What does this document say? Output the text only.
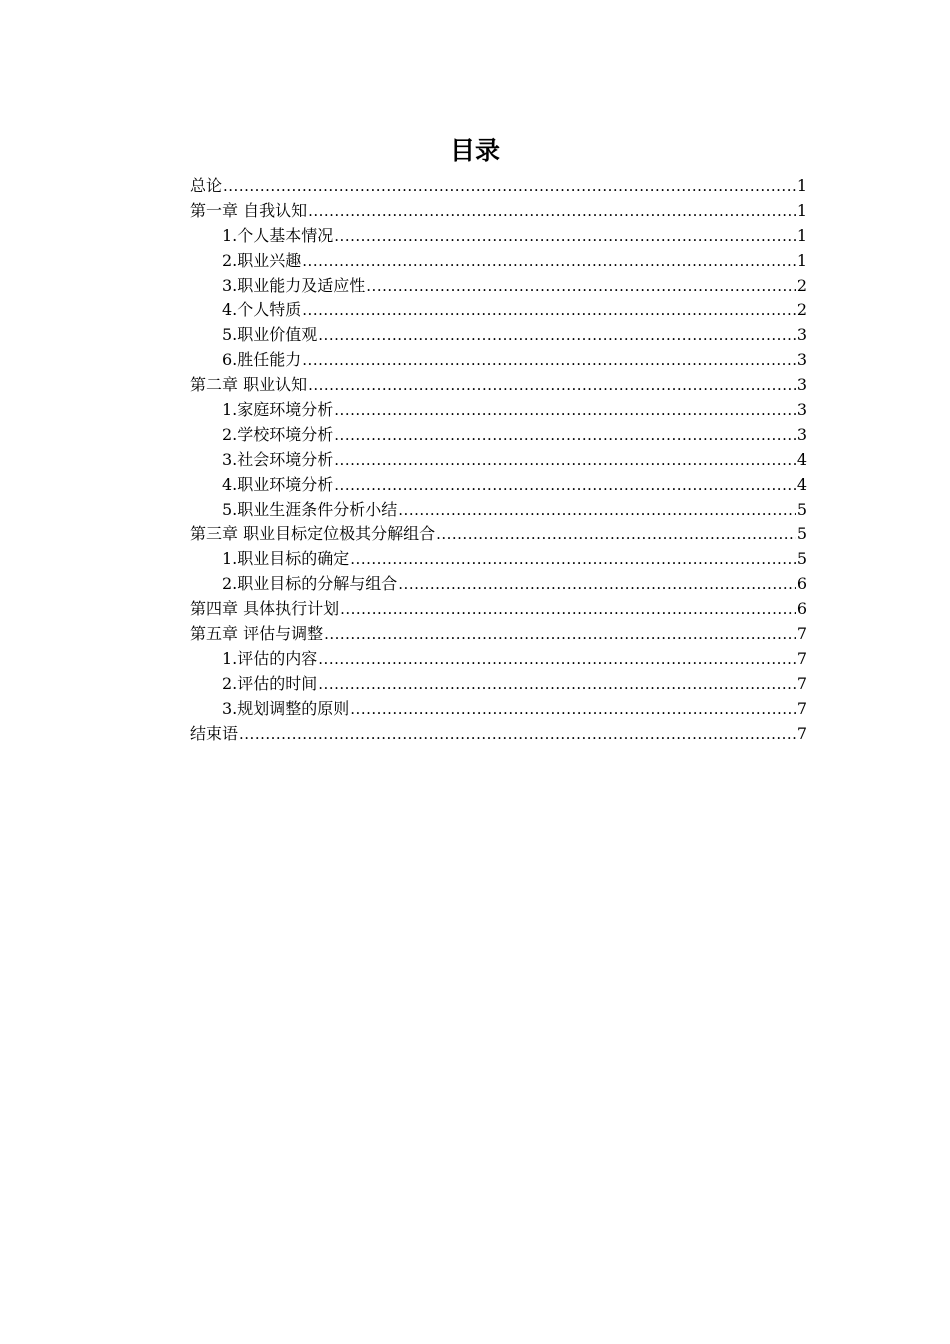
目录
总论 .....	1
第一章 自我认知 .....	1
1.个人基本情况 .....	1
2.职业兴趣 .....	1
3.职业能力及适应性 .....	2
4.个人特质 .....	2
5.职业价值观 .....	3
6.胜任能力 .....	3
第二章 职业认知 .....	3
1.家庭环境分析 .....	3
2.学校环境分析 .....	3
3.社会环境分析 .....	4
4.职业环境分析 .....	4
5.职业生涯条件分析小结 .....	5
第三章 职业目标定位极其分解组合 .....	5
1.职业目标的确定 .....	5
2.职业目标的分解与组合 .....	6
第四章 具体执行计划 .....	6
第五章 评估与调整 .....	7
1.评估的内容 .....	7
2.评估的时间 .....	7
3.规划调整的原则 .....	7
结束语 .....	7
